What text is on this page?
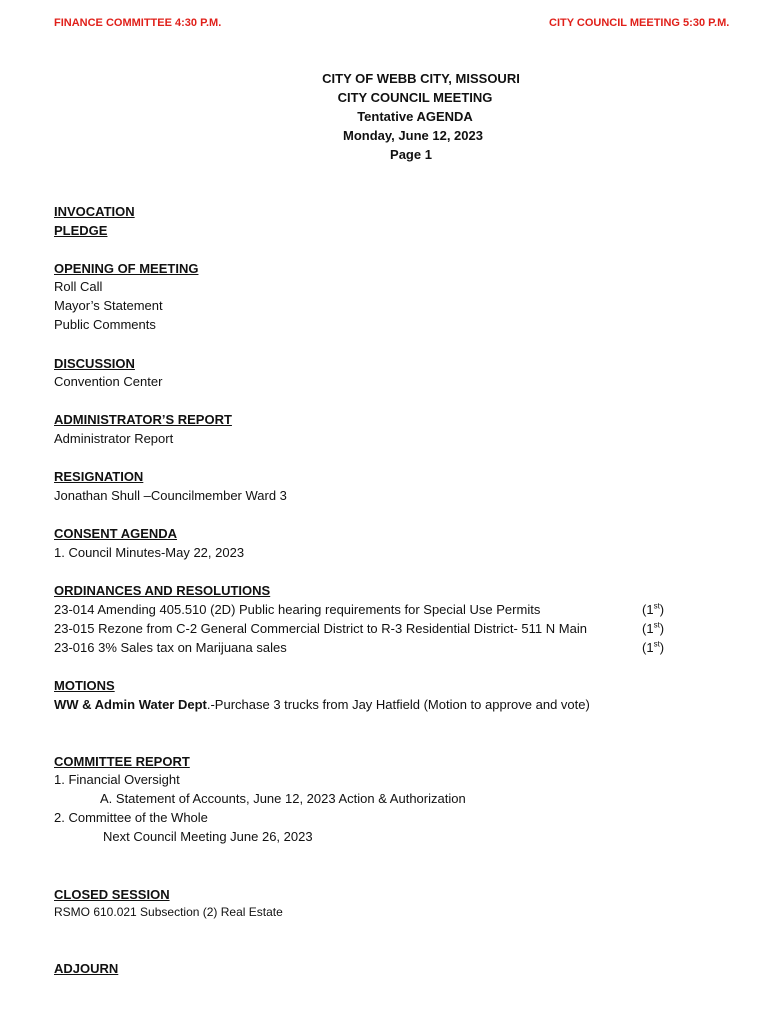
FINANCE COMMITTEE 4:30 P.M.	CITY COUNCIL MEETING 5:30 P.M.
CITY OF WEBB CITY, MISSOURI
CITY COUNCIL MEETING
Tentative AGENDA
Monday, June 12, 2023
Page 1
INVOCATION
PLEDGE
OPENING OF MEETING
Roll Call
Mayor’s Statement
Public Comments
DISCUSSION
Convention Center
ADMINISTRATOR’S REPORT
Administrator Report
RESIGNATION
Jonathan Shull –Councilmember Ward 3
CONSENT AGENDA
1. Council Minutes-May 22, 2023
ORDINANCES AND RESOLUTIONS
23-014 Amending 405.510 (2D) Public hearing requirements for Special Use Permits	(1st)
23-015 Rezone from C-2 General Commercial District to R-3 Residential District- 511 N Main	(1st)
23-016 3% Sales tax on Marijuana sales	(1st)
MOTIONS
WW & Admin Water Dept.-Purchase 3 trucks from Jay Hatfield (Motion to approve and vote)
COMMITTEE REPORT
1. Financial Oversight
A. Statement of Accounts, June 12, 2023 Action & Authorization
2. Committee of the Whole
Next Council Meeting June 26, 2023
CLOSED SESSION
RSMO 610.021 Subsection (2) Real Estate
ADJOURN
